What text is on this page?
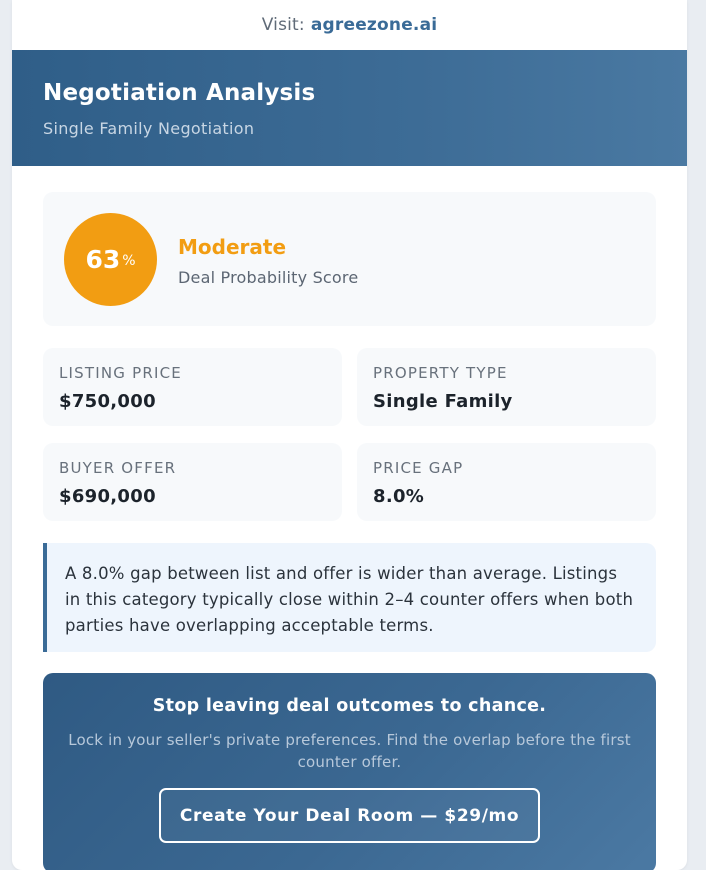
Visit: agreezone.ai
Negotiation Analysis
Single Family Negotiation
63 %
Moderate
Deal Probability Score
LISTING PRICE
$750,000
PROPERTY TYPE
Single Family
BUYER OFFER
$690,000
PRICE GAP
8.0%
A 8.0% gap between list and offer is wider than average. Listings in this category typically close within 2–4 counter offers when both parties have overlapping acceptable terms.
Stop leaving deal outcomes to chance.
Lock in your seller's private preferences. Find the overlap before the first counter offer.
Create Your Deal Room — $29/mo
